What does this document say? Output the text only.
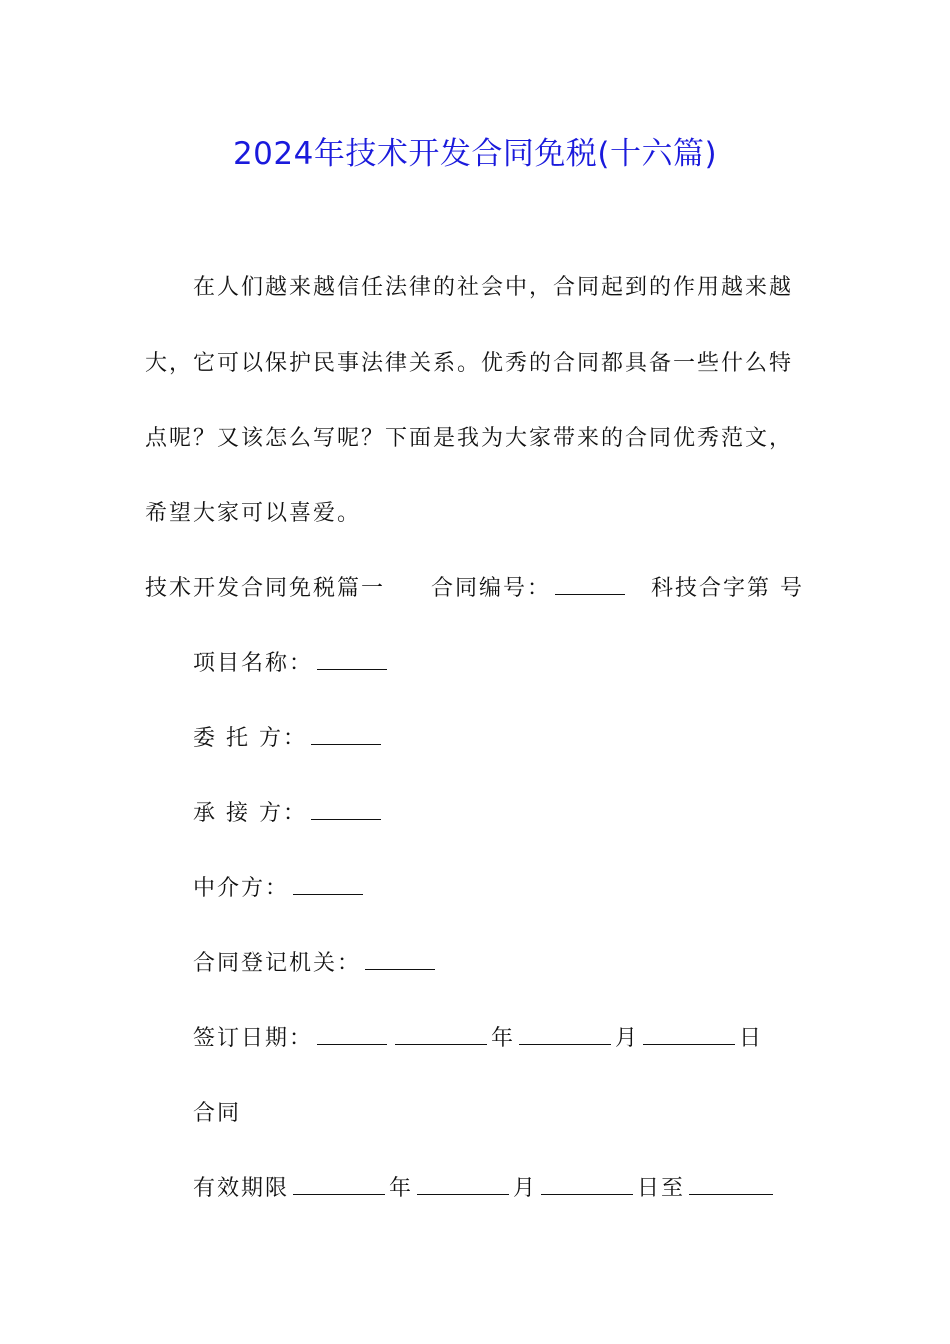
2024年技术开发合同免税(十六篇)
在人们越来越信任法律的社会中，合同起到的作用越来越
大，它可以保护民事法律关系。优秀的合同都具备一些什么特
点呢？又该怎么写呢？下面是我为大家带来的合同优秀范文，
希望大家可以喜爱。
技术开发合同免税篇一 合同编号：	科技合字第 号
项目名称：
委 托 方：
承 接 方：
中介方：
合同登记机关：
签订日期：	年	月	日
合同
有效期限	年	月	日至
